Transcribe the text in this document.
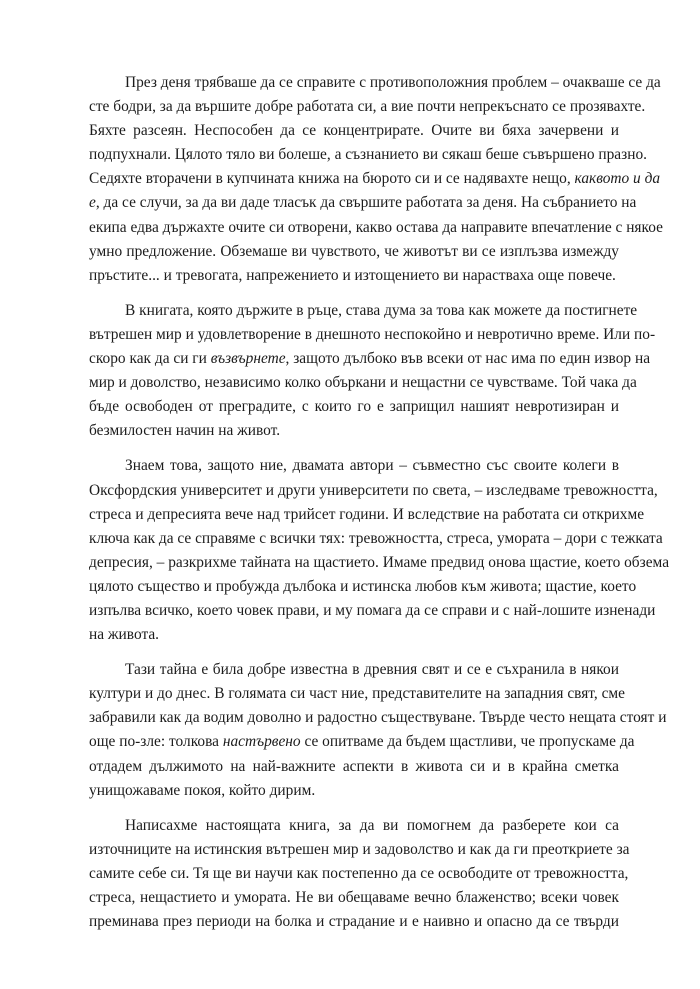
През деня трябваше да се справите с противоположния проблем – очакваше се да
сте бодри, за да вършите добре работата си, а вие почти непрекъснато се прозявахте.
Бяхте разсеян. Неспособен да се концентрирате. Очите ви бяха зачервени и
подпухнали. Цялото тяло ви болеше, а съзнанието ви сякаш беше съвършено празно.
Седяхте вторачени в купчината книжа на бюрото си и се надявахте нещо, каквото и да
е, да се случи, за да ви даде тласък да свършите работата за деня. На събранието на
екипа едва държахте очите си отворени, какво остава да направите впечатление с някое
умно предложение. Обземаше ви чувството, че животът ви се изплъзва измежду
пръстите... и тревогата, напрежението и изтощението ви нарастваха още повече.

В книгата, която държите в ръце, става дума за това как можете да постигнете
вътрешен мир и удовлетворение в днешното неспокойно и невротично време. Или по-
скоро как да си ги възвърнете, защото дълбоко във всеки от нас има по един извор на
мир и доволство, независимо колко объркани и нещастни се чувстваме. Той чака да
бъде освободен от преградите, с които го е заприщил нашият невротизиран и
безмилостен начин на живот.

Знаем това, защото ние, двамата автори – съвместно със своите колеги в
Оксфордския университет и други университети по света, – изследваме тревожността,
стреса и депресията вече над трийсет години. И вследствие на работата си открихме
ключа как да се справяме с всички тях: тревожността, стреса, умората – дори с тежката
депресия, – разкрихме тайната на щастието. Имаме предвид онова щастие, което обзема
цялото същество и пробужда дълбока и истинска любов към живота; щастие, което
изпълва всичко, което човек прави, и му помага да се справи и с най-лошите изненади
на живота.

Тази тайна е била добре известна в древния свят и се е съхранила в някои
култури и до днес. В голямата си част ние, представителите на западния свят, сме
забравили как да водим доволно и радостно съществуване. Твърде често нещата стоят и
още по-зле: толкова настървено се опитваме да бъдем щастливи, че пропускаме да
отдадем дължимото на най-важните аспекти в живота си и в крайна сметка
унищожаваме покоя, който дирим.

Написахме настоящата книга, за да ви помогнем да разберете кои са
източниците на истинския вътрешен мир и задоволство и как да ги преоткриете за
самите себе си. Тя ще ви научи как постепенно да се освободите от тревожността,
стреса, нещастието и умората. Не ви обещаваме вечно блаженство; всеки човек
преминава през периоди на болка и страдание и е наивно и опасно да се твърди
